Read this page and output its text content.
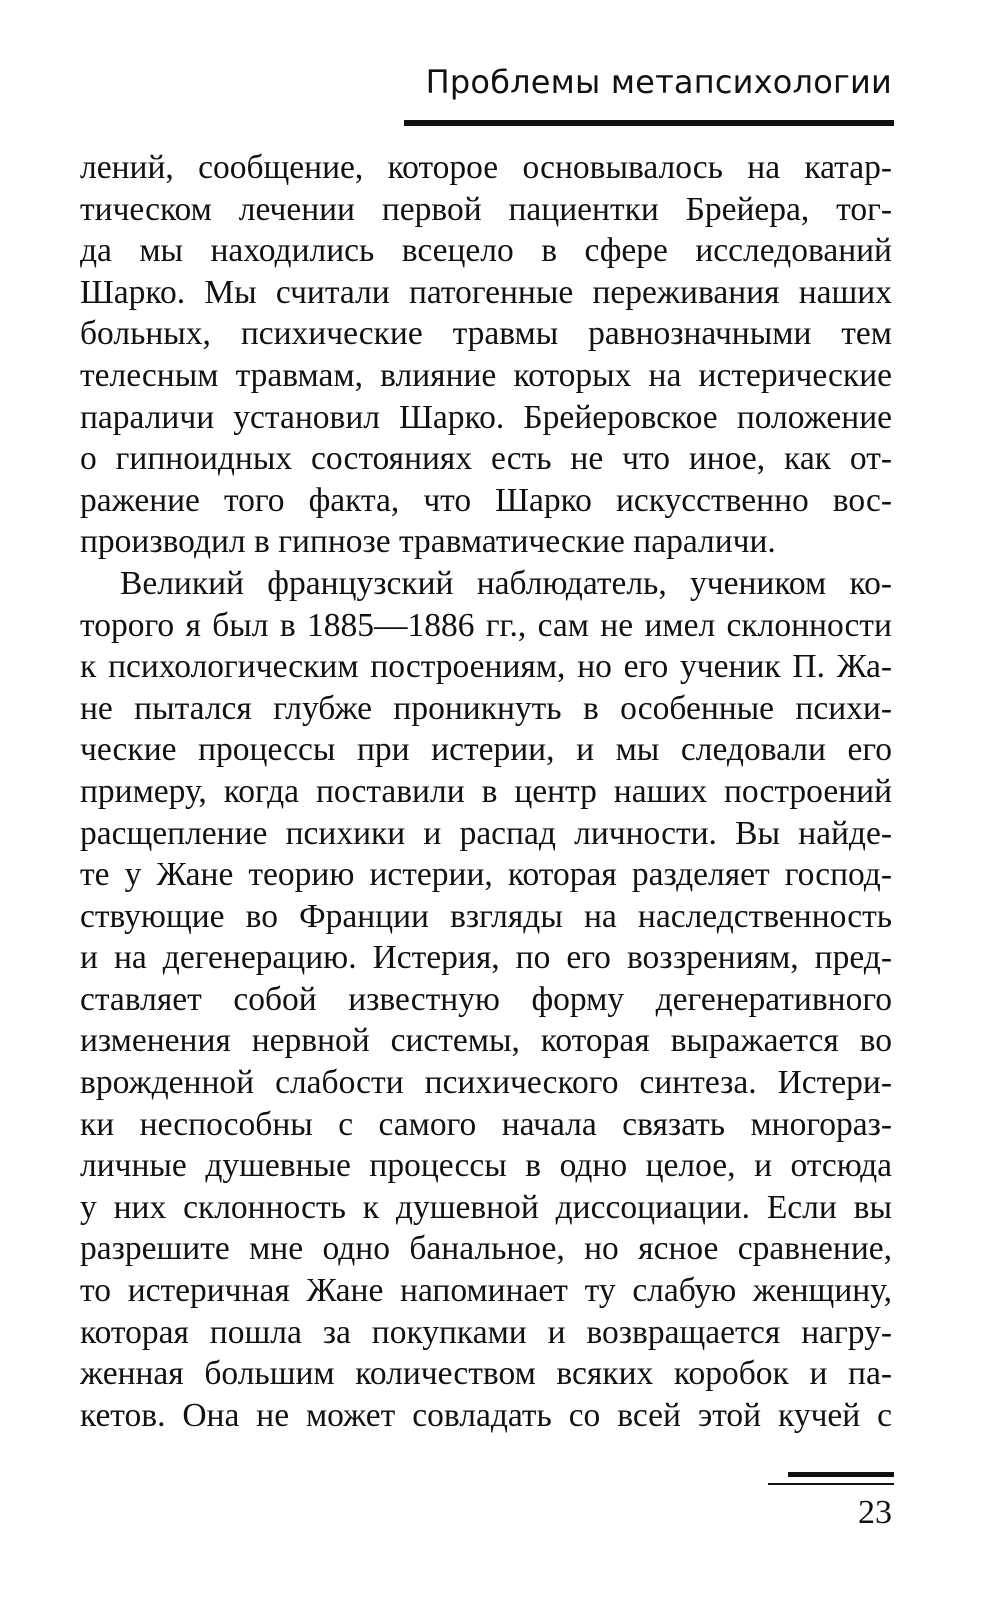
Проблемы метапсихологии
лений, сообщение, которое основывалось на катар-
тическом лечении первой пациентки Брейера, тог-
да мы находились всецело в сфере исследований
Шарко. Мы считали патогенные переживания наших
больных, психические травмы равнозначными тем
телесным травмам, влияние которых на истерические
параличи установил Шарко. Брейеровское положение
о гипноидных состояниях есть не что иное, как от-
ражение того факта, что Шарко искусственно вос-
производил в гипнозе травматические параличи.
Великий французский наблюдатель, учеником ко-
торого я был в 1885—1886 гг., сам не имел склонности
к психологическим построениям, но его ученик П. Жа-
не пытался глубже проникнуть в особенные психи-
ческие процессы при истерии, и мы следовали его
примеру, когда поставили в центр наших построений
расщепление психики и распад личности. Вы найде-
те у Жане теорию истерии, которая разделяет господ-
ствующие во Франции взгляды на наследственность
и на дегенерацию. Истерия, по его воззрениям, пред-
ставляет собой известную форму дегенеративного
изменения нервной системы, которая выражается во
врожденной слабости психического синтеза. Истери-
ки неспособны с самого начала связать многораз-
личные душевные процессы в одно целое, и отсюда
у них склонность к душевной диссоциации. Если вы
разрешите мне одно банальное, но ясное сравнение,
то истеричная Жане напоминает ту слабую женщину,
которая пошла за покупками и возвращается нагру-
женная большим количеством всяких коробок и па-
кетов. Она не может совладать со всей этой кучей с
23
